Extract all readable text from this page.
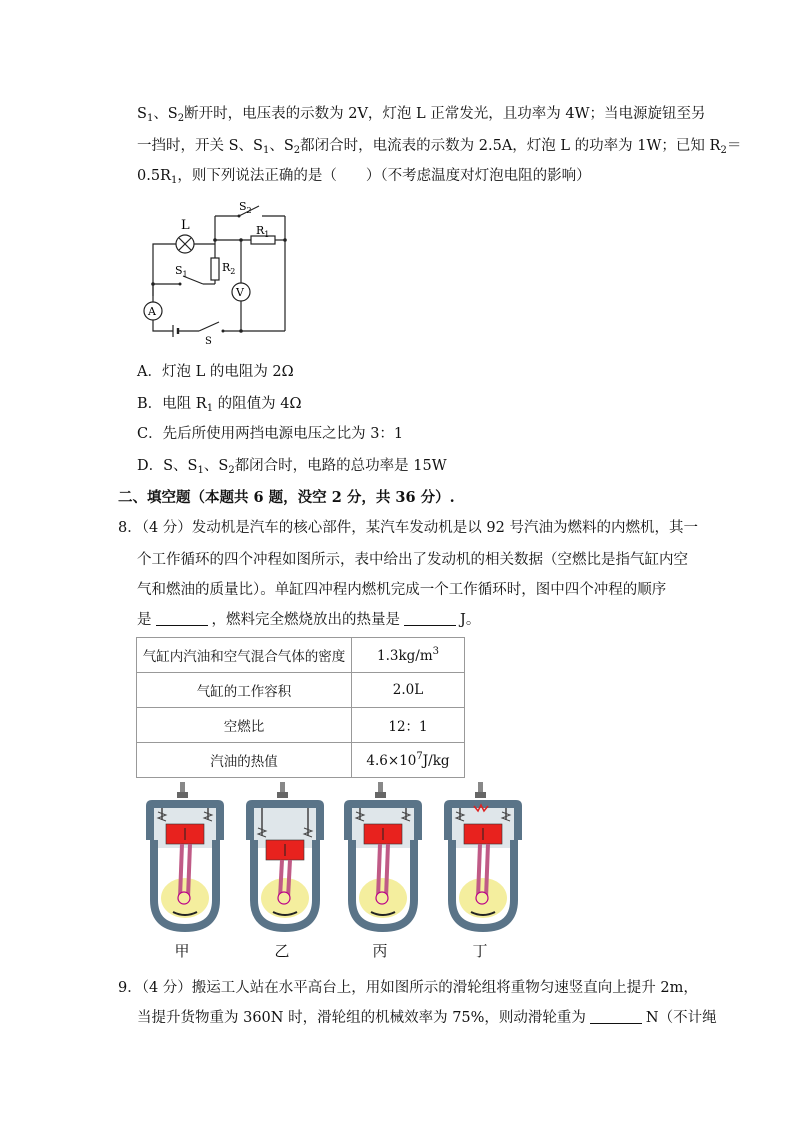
$S_1$、$S_2$断开时，电压表的示数为 2V，灯泡 L 正常发光，且功率为 4W；当电源旋钮至另
一挡时，开关 S、$S_1$、$S_2$都闭合时，电流表的示数为 2.5A，灯泡 L 的功率为 1W；已知 $R_2=$
$0.5R_1$，则下列说法正确的是（　　）（不考虑温度对灯泡电阻的影响）
L
$S_2$
$R_1$
$S_1$
$R_2$
V
A
S
A．灯泡 L 的电阻为 2Ω
B．电阻 $R_1$ 的阻值为 4Ω
C．先后所使用两挡电源电压之比为 3：1
D．S、$S_1$、$S_2$都闭合时，电路的总功率是 15W
二、填空题（本题共 6 题，没空 2 分，共 36 分）.
8．（4 分）发动机是汽车的核心部件，某汽车发动机是以 92 号汽油为燃料的内燃机，其一
个工作循环的四个冲程如图所示，表中给出了发动机的相关数据（空燃比是指气缸内空
气和燃油的质量比）。单缸四冲程内燃机完成一个工作循环时，图中四个冲程的顺序
是	，燃料完全燃烧放出的热量是	J。
气缸内汽油和空气混合气体的密度	$1.3kg/m^3$
气缸的工作容积	2.0L
空燃比	12：1
汽油的热值	$4.6\times 10^7J/kg$
甲	乙	丙	丁
9．（4 分）搬运工人站在水平高台上，用如图所示的滑轮组将重物匀速竖直向上提升 2m，
当提升货物重为 360N 时，滑轮组的机械效率为 75%，则动滑轮重为	N（不计绳
